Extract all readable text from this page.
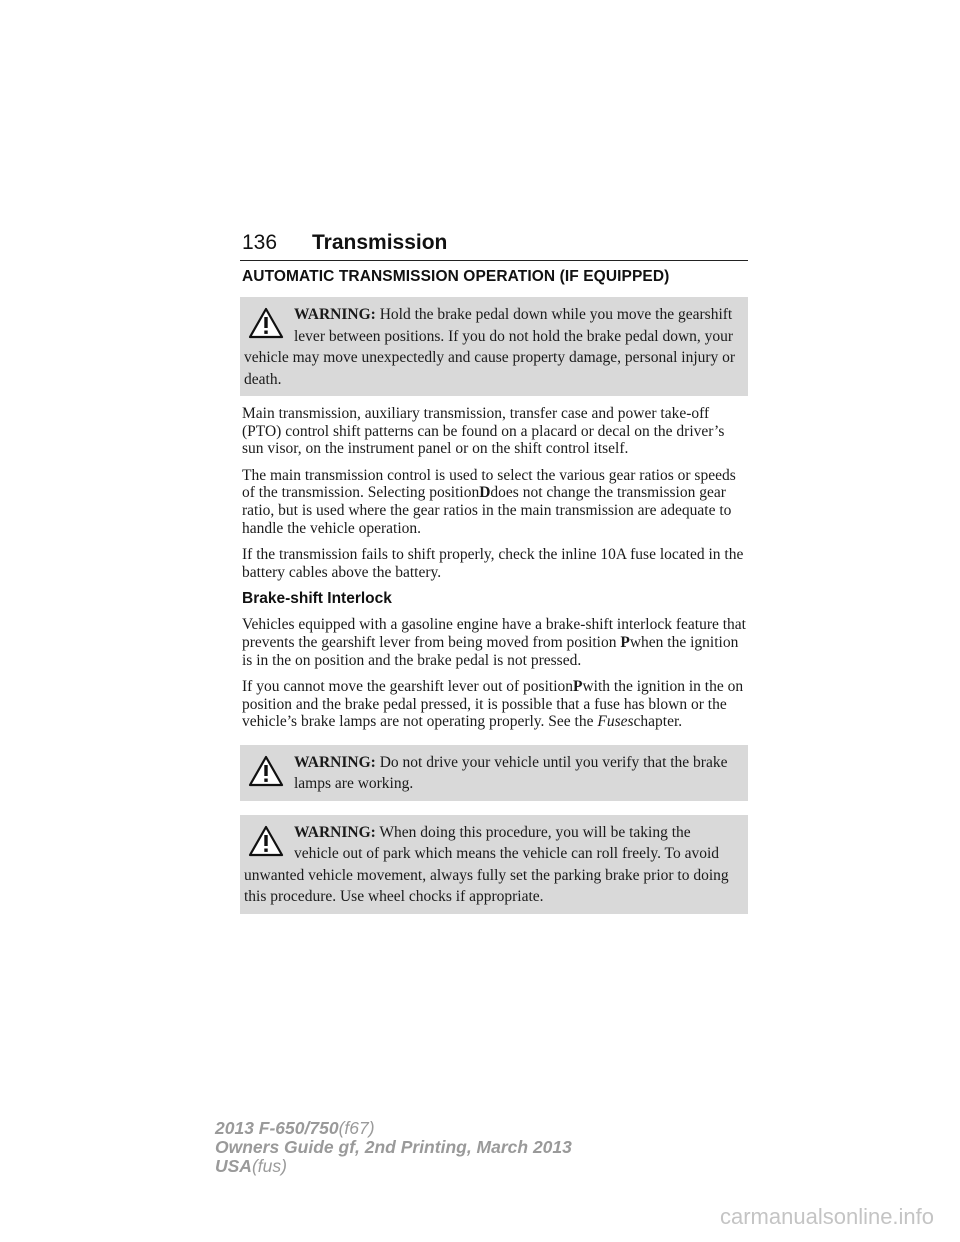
136 Transmission
AUTOMATIC TRANSMISSION OPERATION (IF EQUIPPED)
WARNING: Hold the brake pedal down while you move the gearshift lever between positions. If you do not hold the brake pedal down, your vehicle may move unexpectedly and cause property damage, personal injury or death.

Main transmission, auxiliary transmission, transfer case and power take-off (PTO) control shift patterns can be found on a placard or decal on the driver’s sun visor, on the instrument panel or on the shift control itself.

The main transmission control is used to select the various gear ratios or speeds of the transmission. Selecting positionDdoes not change the transmission gear ratio, but is used where the gear ratios in the main transmission are adequate to handle the vehicle operation.

If the transmission fails to shift properly, check the inline 10A fuse located in the battery cables above the battery.

Brake-shift Interlock

Vehicles equipped with a gasoline engine have a brake-shift interlock feature that prevents the gearshift lever from being moved from position Pwhen the ignition is in the on position and the brake pedal is not pressed.

If you cannot move the gearshift lever out of positionPwith the ignition in the on position and the brake pedal pressed, it is possible that a fuse has blown or the vehicle’s brake lamps are not operating properly. See the Fuseschapter.

WARNING: Do not drive your vehicle until you verify that the brake lamps are working.
WARNING: When doing this procedure, you will be taking the vehicle out of park which means the vehicle can roll freely. To avoid unwanted vehicle movement, always fully set the parking brake prior to doing this procedure. Use wheel chocks if appropriate.
2013 F-650/750(f67)
Owners Guide gf, 2nd Printing, March 2013
USA(fus)
carmanualsonline.info
